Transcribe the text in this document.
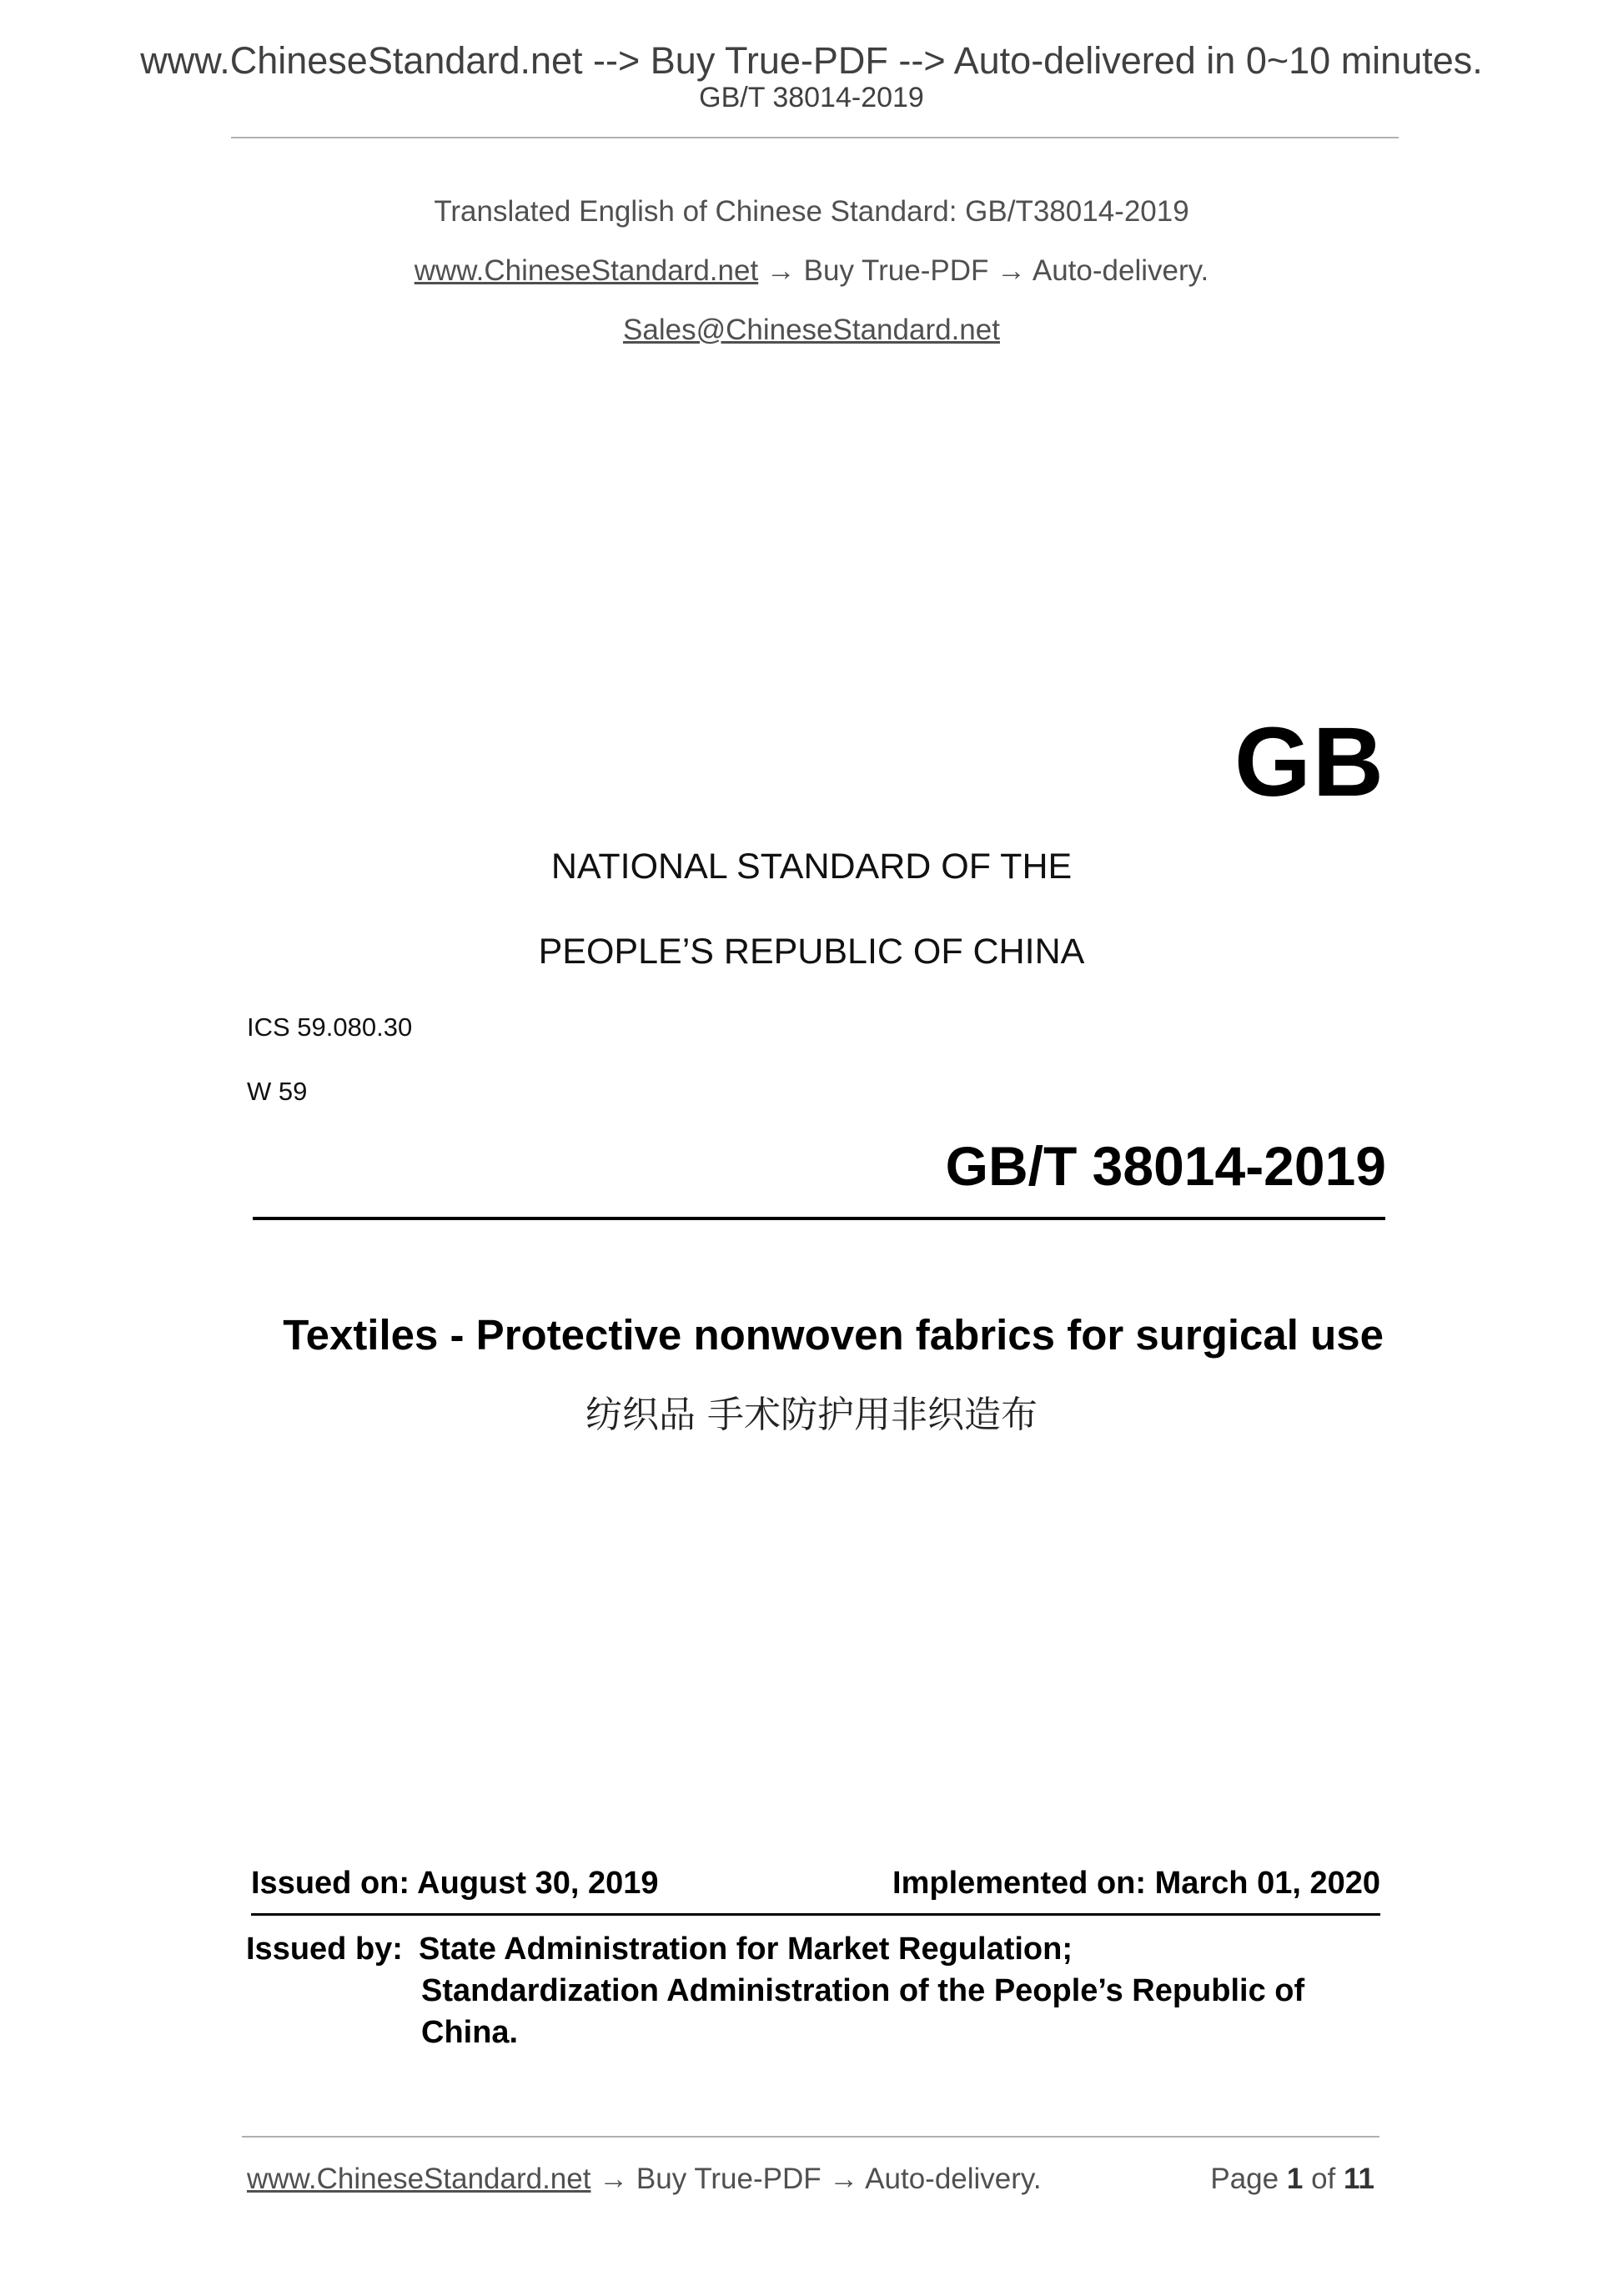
www.ChineseStandard.net --> Buy True-PDF --> Auto-delivered in 0~10 minutes.
GB/T 38014-2019
Translated English of Chinese Standard: GB/T38014-2019
www.ChineseStandard.net → Buy True-PDF → Auto-delivery.
Sales@ChineseStandard.net
GB
NATIONAL STANDARD OF THE
PEOPLE’S REPUBLIC OF CHINA
ICS 59.080.30
W 59
GB/T 38014-2019
Textiles - Protective nonwoven fabrics for surgical use
纺织品 手术防护用非织造布
Issued on: August 30, 2019	Implemented on: March 01, 2020
Issued by: State Administration for Market Regulation;
Standardization Administration of the People’s Republic of
China.
www.ChineseStandard.net → Buy True-PDF → Auto-delivery.	Page 1 of 11
